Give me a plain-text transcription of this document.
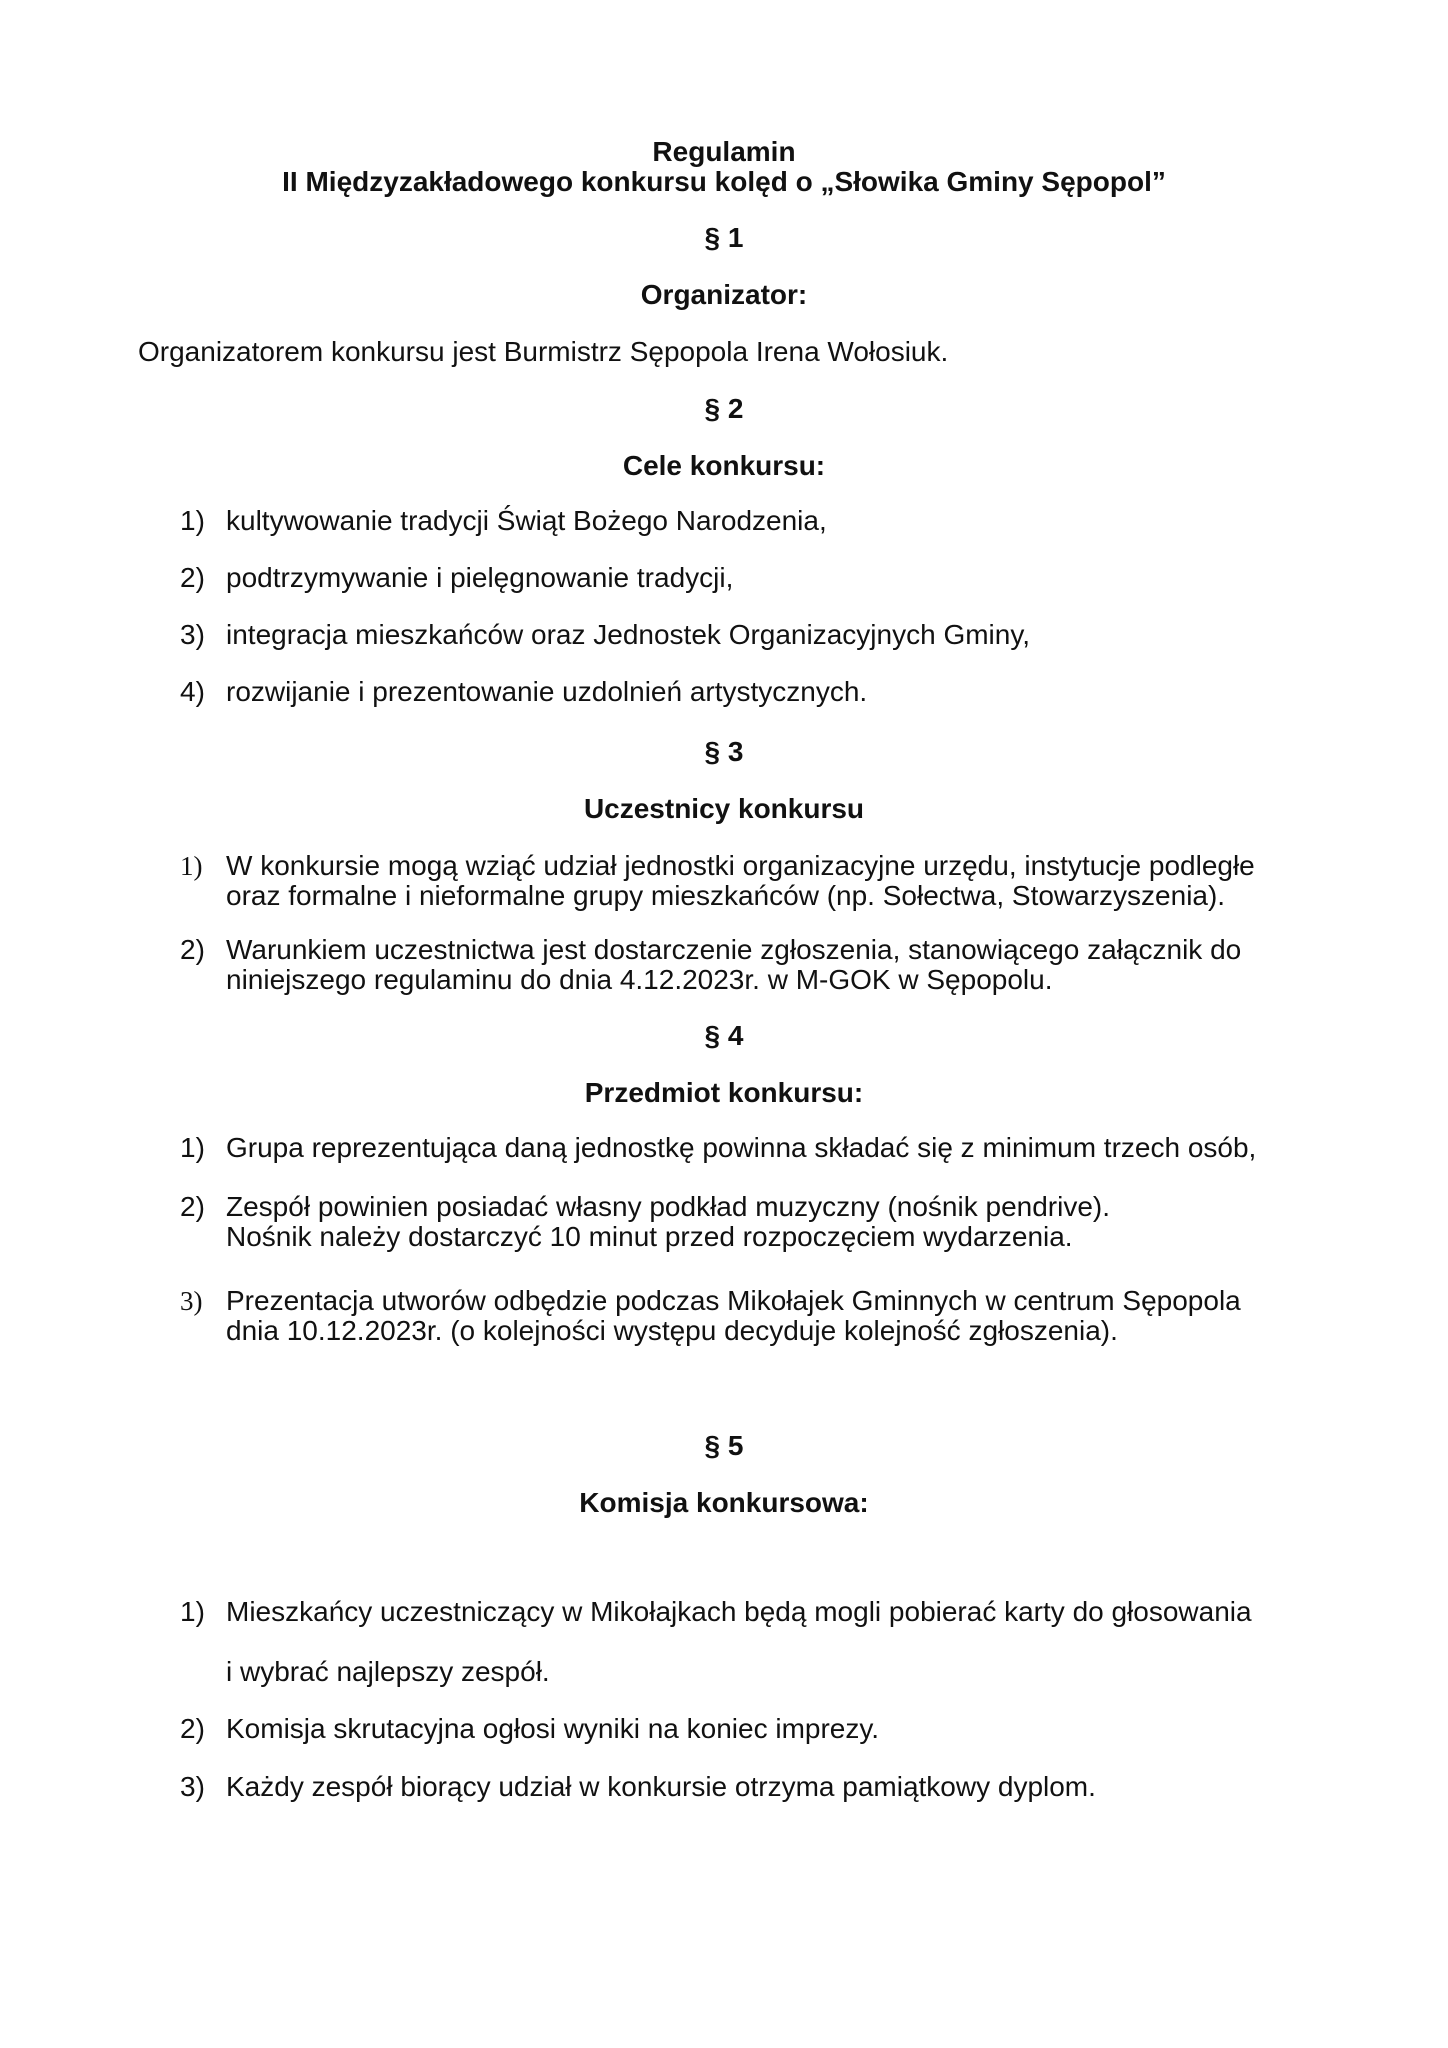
Regulamin
II Międzyzakładowego konkursu kolęd o „Słowika Gminy Sępopol”
§ 1
Organizator:
Organizatorem konkursu jest Burmistrz Sępopola Irena Wołosiuk.
§ 2
Cele konkursu:
1) kultywowanie tradycji Świąt Bożego Narodzenia,
2) podtrzymywanie i pielęgnowanie tradycji,
3) integracja mieszkańców oraz Jednostek Organizacyjnych Gminy,
4) rozwijanie i prezentowanie uzdolnień artystycznych.
§ 3
Uczestnicy konkursu
1) W konkursie mogą wziąć udział jednostki organizacyjne urzędu, instytucje podległe
oraz formalne i nieformalne grupy mieszkańców (np. Sołectwa, Stowarzyszenia).
2) Warunkiem uczestnictwa jest dostarczenie zgłoszenia, stanowiącego załącznik do
niniejszego regulaminu do dnia 4.12.2023r. w M-GOK w Sępopolu.
§ 4
Przedmiot konkursu:
1) Grupa reprezentująca daną jednostkę powinna składać się z minimum trzech osób,
2) Zespół powinien posiadać własny podkład muzyczny (nośnik pendrive).
Nośnik należy dostarczyć 10 minut przed rozpoczęciem wydarzenia.
3) Prezentacja utworów odbędzie podczas Mikołajek Gminnych w centrum Sępopola
dnia 10.12.2023r. (o kolejności występu decyduje kolejność zgłoszenia).
§ 5
Komisja konkursowa:
1) Mieszkańcy uczestniczący w Mikołajkach będą mogli pobierać karty do głosowania
i wybrać najlepszy zespół.
2) Komisja skrutacyjna ogłosi wyniki na koniec imprezy.
3) Każdy zespół biorący udział w konkursie otrzyma pamiątkowy dyplom.
